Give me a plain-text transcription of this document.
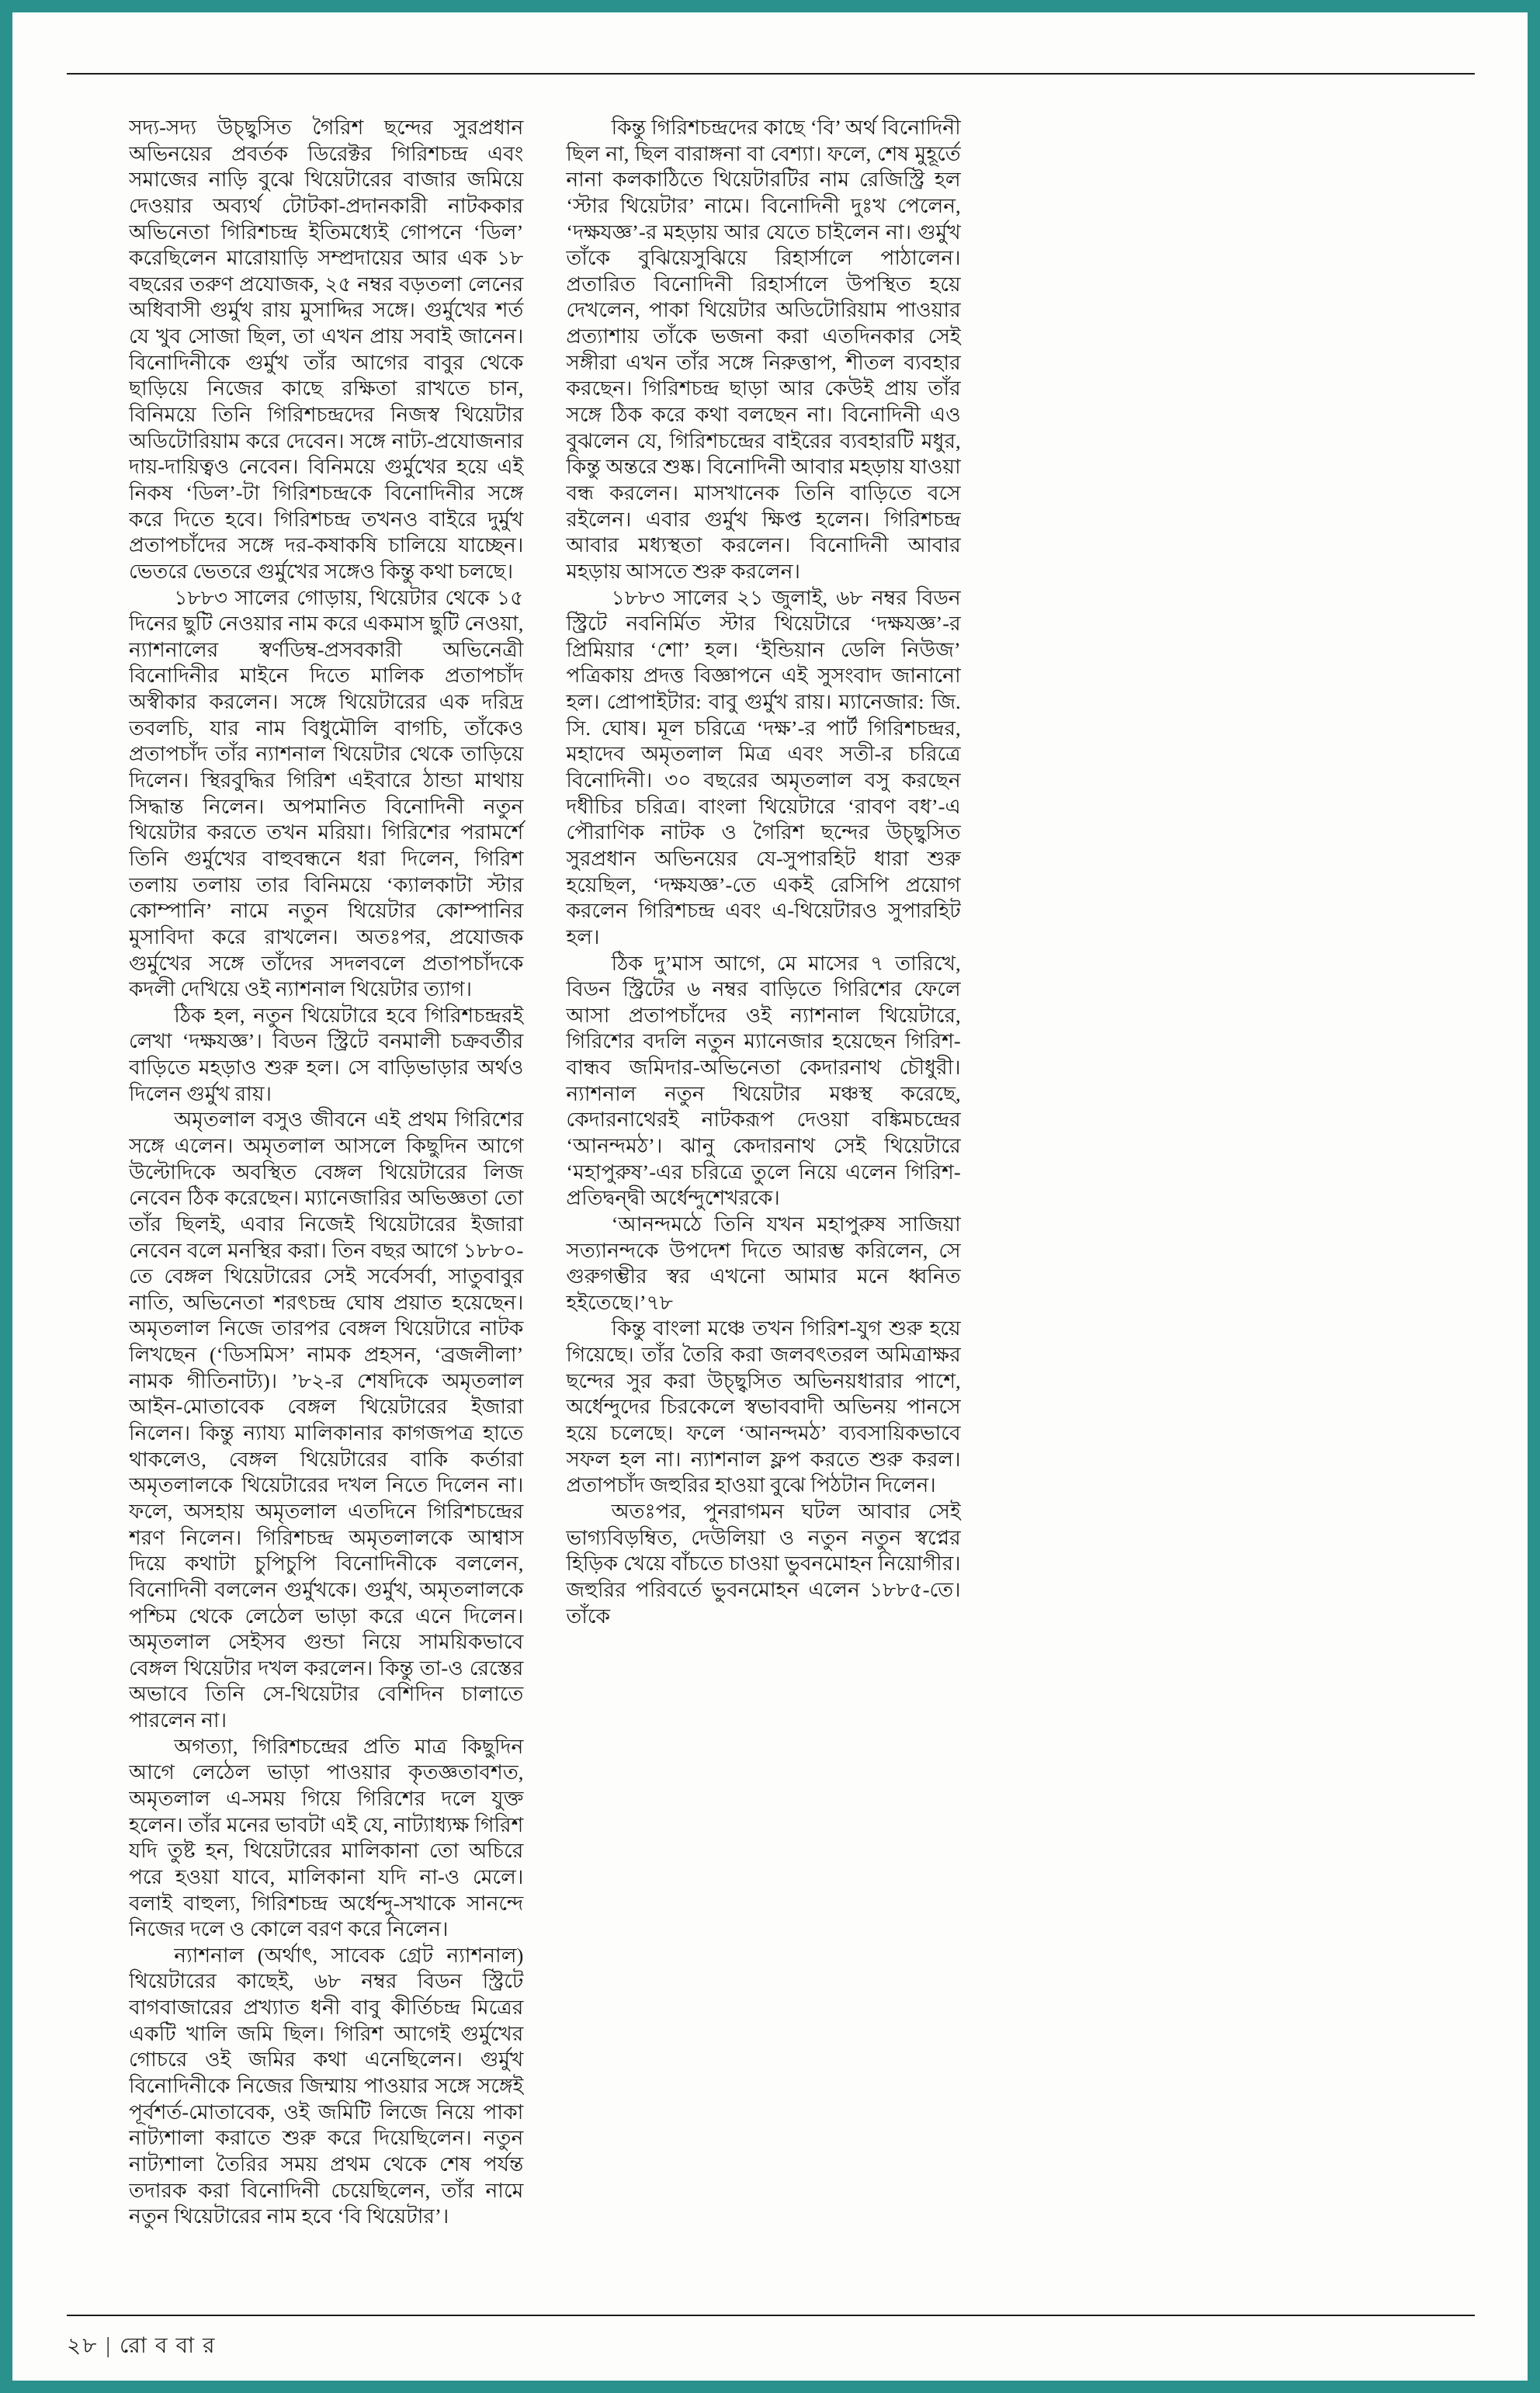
সদ্য-সদ্য উচ্ছ্বসিত গৈরিশ ছন্দের সুরপ্রধান অভিনয়ের প্রবর্তক ডিরেক্টর গিরিশচন্দ্র এবং সমাজের নাড়ি বুঝে থিয়েটারের বাজার জমিয়ে দেওয়ার অব্যর্থ টোটকা-প্রদানকারী নাটককার অভিনেতা গিরিশচন্দ্র ইতিমধ্যেই গোপনে ‘ডিল’ করেছিলেন মারোয়াড়ি সম্প্রদায়ের আর এক ১৮ বছরের তরুণ প্রযোজক, ২৫ নম্বর বড়তলা লেনের অধিবাসী গুর্মুখ রায় মুসাদ্দির সঙ্গে। গুর্মুখের শর্ত যে খুব সোজা ছিল, তা এখন প্রায় সবাই জানেন। বিনোদিনীকে গুর্মুখ তাঁর আগের বাবুর থেকে ছাড়িয়ে নিজের কাছে রক্ষিতা রাখতে চান, বিনিময়ে তিনি গিরিশচন্দ্রদের নিজস্ব থিয়েটার অডিটোরিয়াম করে দেবেন। সঙ্গে নাট্য-প্রযোজনার দায়-দায়িত্বও নেবেন। বিনিময়ে গুর্মুখের হয়ে এই নিকষ ‘ডিল’-টা গিরিশচন্দ্রকে বিনোদিনীর সঙ্গে করে দিতে হবে। গিরিশচন্দ্র তখনও বাইরে দুর্মুখ প্রতাপচাঁদের সঙ্গে দর-কষাকষি চালিয়ে যাচ্ছেন। ভেতরে ভেতরে গুর্মুখের সঙ্গেও কিন্তু কথা চলছে।

১৮৮৩ সালের গোড়ায়, থিয়েটার থেকে ১৫ দিনের ছুটি নেওয়ার নাম করে একমাস ছুটি নেওয়া, ন্যাশনালের স্বর্ণডিম্ব-প্রসবকারী অভিনেত্রী বিনোদিনীর মাইনে দিতে মালিক প্রতাপচাঁদ অস্বীকার করলেন। সঙ্গে থিয়েটারের এক দরিদ্র তবলচি, যার নাম বিধুমৌলি বাগচি, তাঁকেও প্রতাপচাঁদ তাঁর ন্যাশনাল থিয়েটার থেকে তাড়িয়ে দিলেন। স্থিরবুদ্ধির গিরিশ এইবারে ঠান্ডা মাথায় সিদ্ধান্ত নিলেন। অপমানিত বিনোদিনী নতুন থিয়েটার করতে তখন মরিয়া। গিরিশের পরামর্শে তিনি গুর্মুখের বাহুবন্ধনে ধরা দিলেন, গিরিশ তলায় তলায় তার বিনিময়ে ‘ক্যালকাটা স্টার কোম্পানি’ নামে নতুন থিয়েটার কোম্পানির মুসাবিদা করে রাখলেন। অতঃপর, প্রযোজক গুর্মুখের সঙ্গে তাঁদের সদলবলে প্রতাপচাঁদকে কদলী দেখিয়ে ওই ন্যাশনাল থিয়েটার ত্যাগ।

ঠিক হল, নতুন থিয়েটারে হবে গিরিশচন্দ্ররই লেখা ‘দক্ষযজ্ঞ’। বিডন স্ট্রিটে বনমালী চক্রবর্তীর বাড়িতে মহড়াও শুরু হল। সে বাড়িভাড়ার অর্থও দিলেন গুর্মুখ রায়।

অমৃতলাল বসুও জীবনে এই প্রথম গিরিশের সঙ্গে এলেন। অমৃতলাল আসলে কিছুদিন আগে উল্টোদিকে অবস্থিত বেঙ্গল থিয়েটারের লিজ নেবেন ঠিক করেছেন। ম্যানেজারির অভিজ্ঞতা তো তাঁর ছিলই, এবার নিজেই থিয়েটারের ইজারা নেবেন বলে মনস্থির করা। তিন বছর আগে ১৮৮০-তে বেঙ্গল থিয়েটারের সেই সর্বেসর্বা, সাতুবাবুর নাতি, অভিনেতা শরৎচন্দ্র ঘোষ প্রয়াত হয়েছেন। অমৃতলাল নিজে তারপর বেঙ্গল থিয়েটারে নাটক লিখছেন (‘ডিসমিস’ নামক প্রহসন, ‘ব্রজলীলা’ নামক গীতিনাট্য)। ’৮২-র শেষদিকে অমৃতলাল আইন-মোতাবেক বেঙ্গল থিয়েটারের ইজারা নিলেন। কিন্তু ন্যায্য মালিকানার কাগজপত্র হাতে থাকলেও, বেঙ্গল থিয়েটারের বাকি কর্তারা অমৃতলালকে থিয়েটারের দখল নিতে দিলেন না। ফলে, অসহায় অমৃতলাল এতদিনে গিরিশচন্দ্রের শরণ নিলেন। গিরিশচন্দ্র অমৃতলালকে আশ্বাস দিয়ে কথাটা চুপিচুপি বিনোদিনীকে বললেন, বিনোদিনী বললেন গুর্মুখকে। গুর্মুখ, অমৃতলালকে পশ্চিম থেকে লেঠেল ভাড়া করে এনে দিলেন। অমৃতলাল সেইসব গুন্ডা নিয়ে সাময়িকভাবে বেঙ্গল থিয়েটার দখল করলেন। কিন্তু তা-ও রেস্তের অভাবে তিনি সে-থিয়েটার বেশিদিন চালাতে পারলেন না।

অগত্যা, গিরিশচন্দ্রের প্রতি মাত্র কিছুদিন আগে লেঠেল ভাড়া পাওয়ার কৃতজ্ঞতাবশত, অমৃতলাল এ-সময় গিয়ে গিরিশের দলে যুক্ত হলেন। তাঁর মনের ভাবটা এই যে, নাট্যাধ্যক্ষ গিরিশ যদি তুষ্ট হন, থিয়েটারের মালিকানা তো অচিরে পরে হওয়া যাবে, মালিকানা যদি না-ও মেলে। বলাই বাহুল্য, গিরিশচন্দ্র অর্ধেন্দু-সখাকে সানন্দে নিজের দলে ও কোলে বরণ করে নিলেন।

ন্যাশনাল (অর্থাৎ, সাবেক গ্রেট ন্যাশনাল) থিয়েটারের কাছেই, ৬৮ নম্বর বিডন স্ট্রিটে বাগবাজারের প্রখ্যাত ধনী বাবু কীর্তিচন্দ্র মিত্রের একটি খালি জমি ছিল। গিরিশ আগেই গুর্মুখের গোচরে ওই জমির কথা এনেছিলেন। গুর্মুখ বিনোদিনীকে নিজের জিম্মায় পাওয়ার সঙ্গে সঙ্গেই পূর্বশর্ত-মোতাবেক, ওই জমিটি লিজে নিয়ে পাকা নাট্যশালা করাতে শুরু করে দিয়েছিলেন। নতুন নাট্যশালা তৈরির সময় প্রথম থেকে শেষ পর্যন্ত তদারক করা বিনোদিনী চেয়েছিলেন, তাঁর নামে নতুন থিয়েটারের নাম হবে ‘বি থিয়েটার’।

কিন্তু গিরিশচন্দ্রদের কাছে ‘বি’ অর্থ বিনোদিনী ছিল না, ছিল বারাঙ্গনা বা বেশ্যা। ফলে, শেষ মুহূর্তে নানা কলকাঠিতে থিয়েটারটির নাম রেজিস্ট্রি হল ‘স্টার থিয়েটার’ নামে। বিনোদিনী দুঃখ পেলেন, ‘দক্ষযজ্ঞ’-র মহড়ায় আর যেতে চাইলেন না। গুর্মুখ তাঁকে বুঝিয়েসুঝিয়ে রিহার্সালে পাঠালেন। প্রতারিত বিনোদিনী রিহার্সালে উপস্থিত হয়ে দেখলেন, পাকা থিয়েটার অডিটোরিয়াম পাওয়ার প্রত্যাশায় তাঁকে ভজনা করা এতদিনকার সেই সঙ্গীরা এখন তাঁর সঙ্গে নিরুত্তাপ, শীতল ব্যবহার করছেন। গিরিশচন্দ্র ছাড়া আর কেউই প্রায় তাঁর সঙ্গে ঠিক করে কথা বলছেন না। বিনোদিনী এও বুঝলেন যে, গিরিশচন্দ্রের বাইরের ব্যবহারটি মধুর, কিন্তু অন্তরে শুষ্ক। বিনোদিনী আবার মহড়ায় যাওয়া বন্ধ করলেন। মাসখানেক তিনি বাড়িতে বসে রইলেন। এবার গুর্মুখ ক্ষিপ্ত হলেন। গিরিশচন্দ্র আবার মধ্যস্থতা করলেন। বিনোদিনী আবার মহড়ায় আসতে শুরু করলেন।

১৮৮৩ সালের ২১ জুলাই, ৬৮ নম্বর বিডন স্ট্রিটে নবনির্মিত স্টার থিয়েটারে ‘দক্ষযজ্ঞ’-র প্রিমিয়ার ‘শো’ হল। ‘ইন্ডিয়ান ডেলি নিউজ’ পত্রিকায় প্রদত্ত বিজ্ঞাপনে এই সুসংবাদ জানানো হল। প্রোপাইটার: বাবু গুর্মুখ রায়। ম্যানেজার: জি. সি. ঘোষ। মূল চরিত্রে ‘দক্ষ’-র পার্ট গিরিশচন্দ্রর, মহাদেব অমৃতলাল মিত্র এবং সতী-র চরিত্রে বিনোদিনী। ৩০ বছরের অমৃতলাল বসু করছেন দধীচির চরিত্র। বাংলা থিয়েটারে ‘রাবণ বধ’-এ পৌরাণিক নাটক ও গৈরিশ ছন্দের উচ্ছ্বসিত সুরপ্রধান অভিনয়ের যে-সুপারহিট ধারা শুরু হয়েছিল, ‘দক্ষযজ্ঞ’-তে একই রেসিপি প্রয়োগ করলেন গিরিশচন্দ্র এবং এ-থিয়েটারও সুপারহিট হল।

ঠিক দু’মাস আগে, মে মাসের ৭ তারিখে, বিডন স্ট্রিটের ৬ নম্বর বাড়িতে গিরিশের ফেলে আসা প্রতাপচাঁদের ওই ন্যাশনাল থিয়েটারে, গিরিশের বদলি নতুন ম্যানেজার হয়েছেন গিরিশ-বান্ধব জমিদার-অভিনেতা কেদারনাথ চৌধুরী। ন্যাশনাল নতুন থিয়েটার মঞ্চস্থ করেছে, কেদারনাথেরই নাটকরূপ দেওয়া বঙ্কিমচন্দ্রের ‘আনন্দমঠ’। ঝানু কেদারনাথ সেই থিয়েটারে ‘মহাপুরুষ’-এর চরিত্রে তুলে নিয়ে এলেন গিরিশ-প্রতিদ্বন্দ্বী অর্ধেন্দুশেখরকে।

‘আনন্দমঠে তিনি যখন মহাপুরুষ সাজিয়া সত্যানন্দকে উপদেশ দিতে আরম্ভ করিলেন, সে গুরুগম্ভীর স্বর এখনো আমার মনে ধ্বনিত হইতেছে।’৭৮

কিন্তু বাংলা মঞ্চে তখন গিরিশ-যুগ শুরু হয়ে গিয়েছে। তাঁর তৈরি করা জলবৎতরল অমিত্রাক্ষর ছন্দের সুর করা উচ্ছ্বসিত অভিনয়ধারার পাশে, অর্ধেন্দুদের চিরকেলে স্বভাববাদী অভিনয় পানসে হয়ে চলেছে। ফলে ‘আনন্দমঠ’ ব্যবসায়িকভাবে সফল হল না। ন্যাশনাল ফ্লপ করতে শুরু করল। প্রতাপচাঁদ জহুরির হাওয়া বুঝে পিঠটান দিলেন।

অতঃপর, পুনরাগমন ঘটল আবার সেই ভাগ্যবিড়ম্বিত, দেউলিয়া ও নতুন নতুন স্বপ্নের হিড়িক খেয়ে বাঁচতে চাওয়া ভুবনমোহন নিয়োগীর। জহুরির পরিবর্তে ভুবনমোহন এলেন ১৮৮৫-তে। তাঁকে

২৮ | রো ব বা র
